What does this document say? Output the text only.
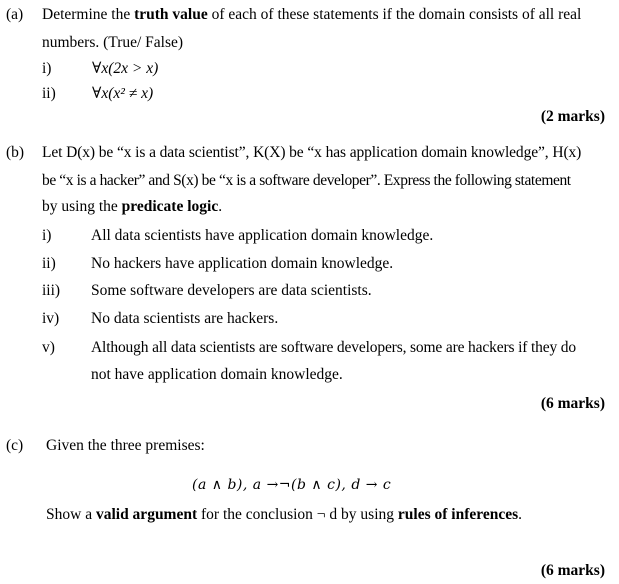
(a) Determine the truth value of each of these statements if the domain consists of all real
numbers. (True/ False)
i)	∀x(2x > x)
ii) ∀x(x² ≠ x)
(2 marks)
(b) Let D(x) be “x is a data scientist”, K(X) be “x has application domain knowledge”, H(x)
be “x is a hacker” and S(x) be “x is a software developer”. Express the following statement
by using the predicate logic.
i)	All data scientists have application domain knowledge.
ii) No hackers have application domain knowledge.
iii) Some software developers are data scientists.
iv) No data scientists are hackers.
v) Although all data scientists are software developers, some are hackers if they do
not have application domain knowledge.
(6 marks)
(c) Given the three premises:
(a ∧ b), a →¬(b ∧ c), d → c
Show a valid argument for the conclusion ¬ d by using rules of inferences.
(6 marks)
